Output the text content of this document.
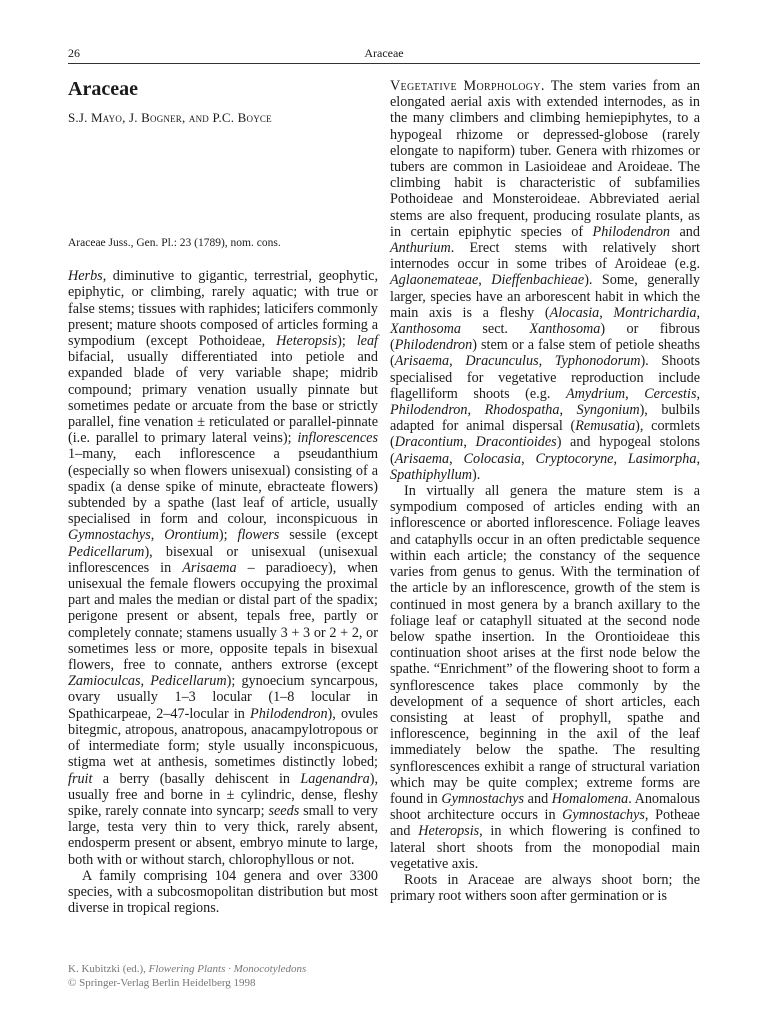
26	Araceae
Araceae
S.J. Mayo, J. Bogner, and P.C. Boyce
Araceae Juss., Gen. Pl.: 23 (1789), nom. cons.

Herbs, diminutive to gigantic, terrestrial, geophytic, epiphytic, or climbing, rarely aquatic; with true or false stems; tissues with raphides; laticifers commonly present; mature shoots composed of articles forming a sympodium (except Pothoideae, Heteropsis); leaf bifacial, usually differentiated into petiole and expanded blade of very variable shape; midrib compound; primary venation usually pinnate but sometimes pedate or arcuate from the base or strictly parallel, fine venation ± reticulated or parallel-pinnate (i.e. parallel to primary lateral veins); inflorescences 1–many, each inflorescence a pseudanthium (especially so when flowers unisexual) consisting of a spadix (a dense spike of minute, ebracteate flowers) subtended by a spathe (last leaf of article, usually specialised in form and colour, inconspicuous in Gymnostachys, Orontium); flowers sessile (except Pedicellarum), bisexual or unisexual (unisexual inflorescences in Arisaema – paradioecy), when unisexual the female flowers occupying the proximal part and males the median or distal part of the spadix; perigone present or absent, tepals free, partly or completely connate; stamens usually 3 + 3 or 2 + 2, or sometimes less or more, opposite tepals in bisexual flowers, free to connate, anthers extrorse (except Zamioculcas, Pedicellarum); gynoecium syncarpous, ovary usually 1–3 locular (1–8 locular in Spathicarpeae, 2–47-locular in Philodendron), ovules bitegmic, atropous, anatropous, anacampylotropous or of intermediate form; style usually inconspicuous, stigma wet at anthesis, sometimes distinctly lobed; fruit a berry (basally dehiscent in Lagenandra), usually free and borne in ± cylindric, dense, fleshy spike, rarely connate into syncarp; seeds small to very large, testa very thin to very thick, rarely absent, endosperm present or absent, embryo minute to large, both with or without starch, chlorophyllous or not.

A family comprising 104 genera and over 3300 species, with a subcosmopolitan distribution but most diverse in tropical regions.

Vegetative Morphology. The stem varies from an elongated aerial axis with extended internodes, as in the many climbers and climbing hemiepiphytes, to a hypogeal rhizome or depressed-globose (rarely elongate to napiform) tuber. Genera with rhizomes or tubers are common in Lasioideae and Aroideae. The climbing habit is characteristic of subfamilies Pothoideae and Monsteroideae. Abbreviated aerial stems are also frequent, producing rosulate plants, as in certain epiphytic species of Philodendron and Anthurium. Erect stems with relatively short internodes occur in some tribes of Aroideae (e.g. Aglaonemateae, Dieffenbachieae). Some, generally larger, species have an arborescent habit in which the main axis is a fleshy (Alocasia, Montrichardia, Xanthosoma sect. Xanthosoma) or fibrous (Philodendron) stem or a false stem of petiole sheaths (Arisaema, Dracunculus, Typhonodorum). Shoots specialised for vegetative reproduction include flagelliform shoots (e.g. Amydrium, Cercestis, Philodendron, Rhodospatha, Syngonium), bulbils adapted for animal dispersal (Remusatia), cormlets (Dracontium, Dracontioides) and hypogeal stolons (Arisaema, Colocasia, Cryptocoryne, Lasimorpha, Spathiphyllum).

In virtually all genera the mature stem is a sympodium composed of articles ending with an inflorescence or aborted inflorescence. Foliage leaves and cataphylls occur in an often predictable sequence within each article; the constancy of the sequence varies from genus to genus. With the termination of the article by an inflorescence, growth of the stem is continued in most genera by a branch axillary to the foliage leaf or cataphyll situated at the second node below spathe insertion. In the Orontioideae this continuation shoot arises at the first node below the spathe. “Enrichment” of the flowering shoot to form a synflorescence takes place commonly by the development of a sequence of short articles, each consisting at least of prophyll, spathe and inflorescence, beginning in the axil of the leaf immediately below the spathe. The resulting synflorescences exhibit a range of structural variation which may be quite complex; extreme forms are found in Gymnostachys and Homalomena. Anomalous shoot architecture occurs in Gymnostachys, Potheae and Heteropsis, in which flowering is confined to lateral short shoots from the monopodial main vegetative axis.

Roots in Araceae are always shoot born; the primary root withers soon after germination or is

K. Kubitzki (ed.), Flowering Plants · Monocotyledons
© Springer-Verlag Berlin Heidelberg 1998
